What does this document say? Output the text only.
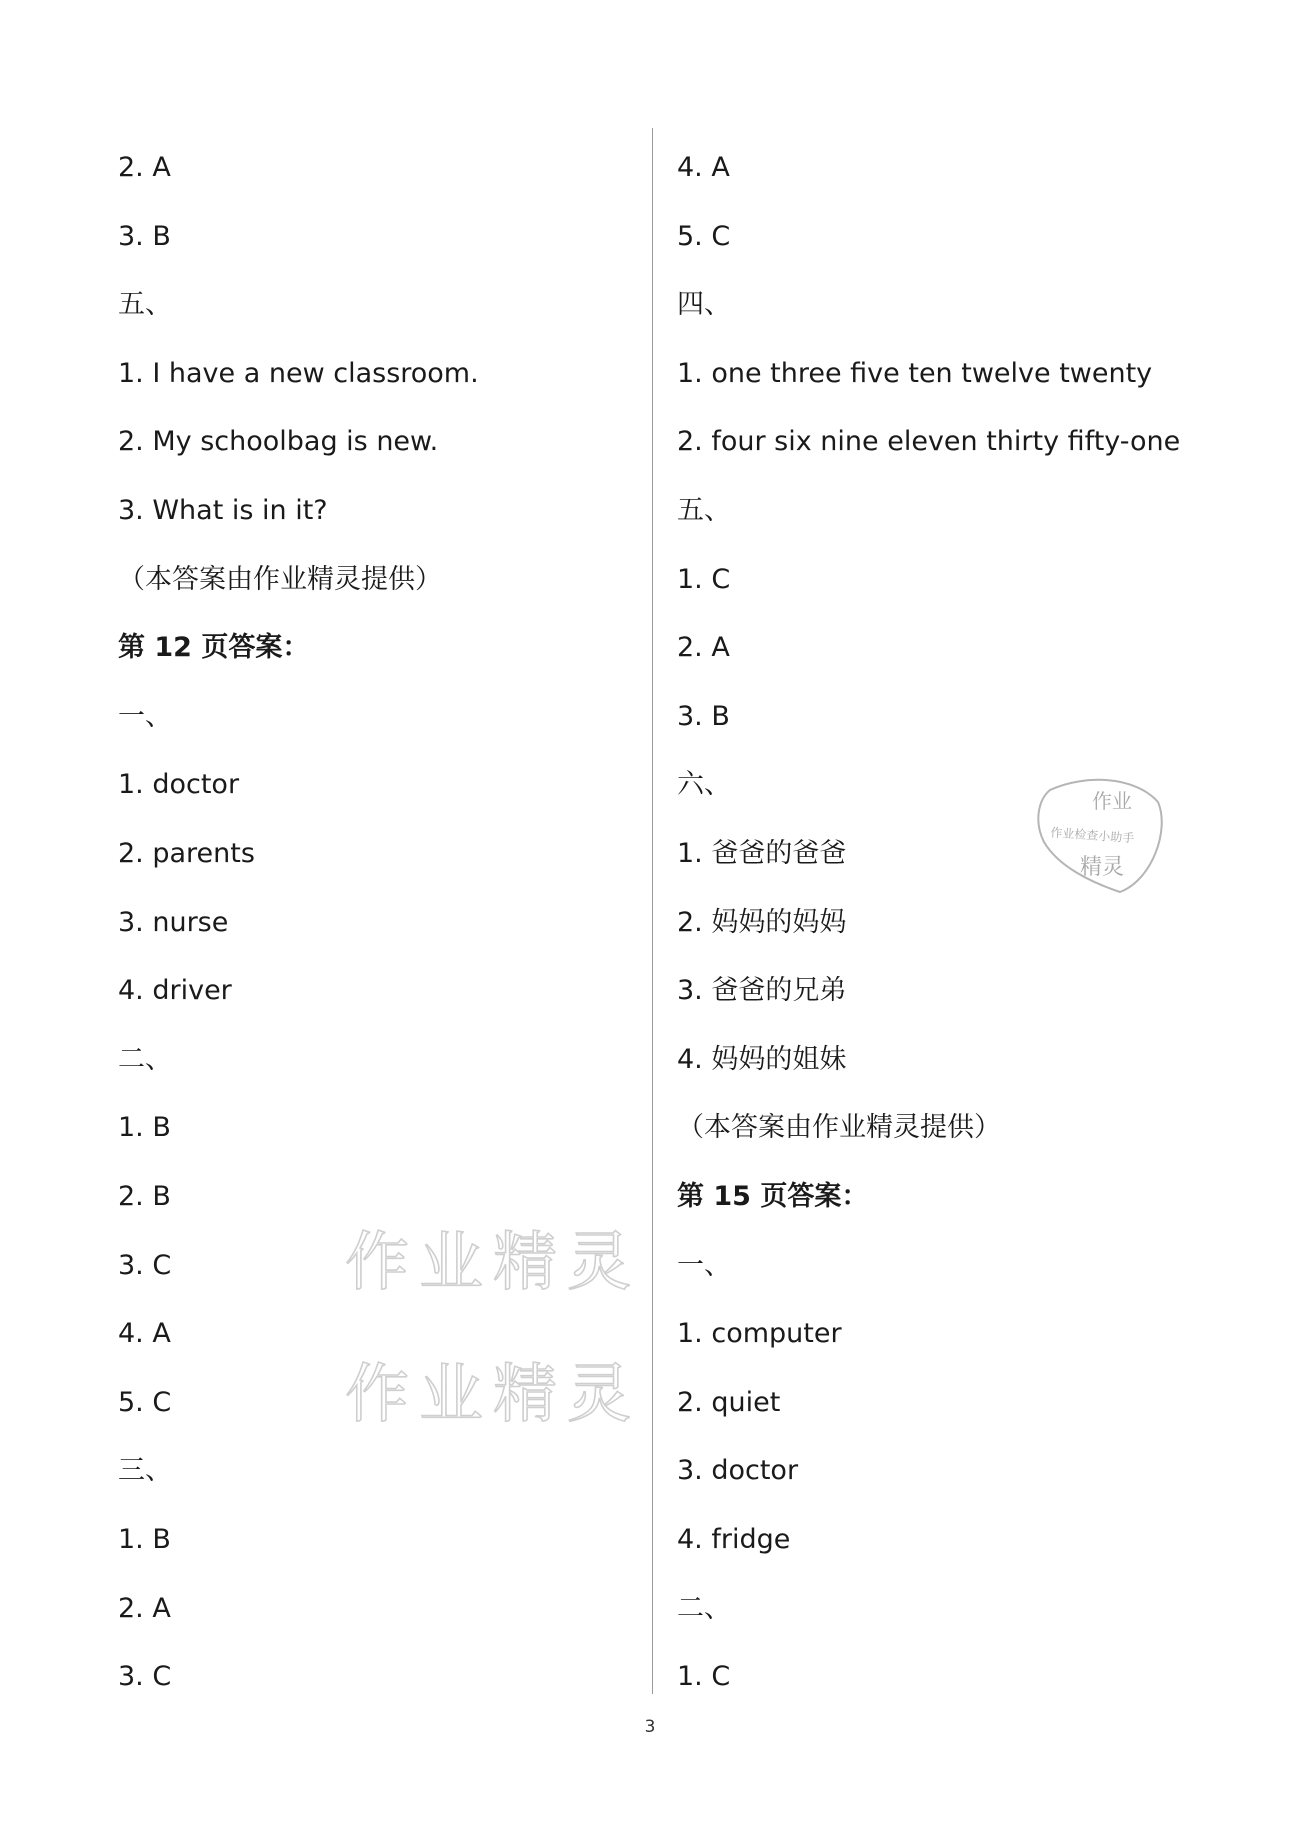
2. A
3. B
五、
1. I have a new classroom.
2. My schoolbag is new.
3. What is in it?
（本答案由作业精灵提供）
第 12 页答案：
一、
1. doctor
2. parents
3. nurse
4. driver
二、
1. B
2. B
3. C
4. A
5. C
三、
1. B
2. A
3. C
4. A
5. C
四、
1. one three five ten twelve twenty
2. four six nine eleven thirty fifty-one
五、
1. C
2. A
3. B
六、
1. 爸爸的爸爸
2. 妈妈的妈妈
3. 爸爸的兄弟
4. 妈妈的姐妹
（本答案由作业精灵提供）
第 15 页答案：
一、
1. computer
2. quiet
3. doctor
4. fridge
二、
1. C
作业精灵
作业精灵
作业
作业检查小助手
精灵
3
